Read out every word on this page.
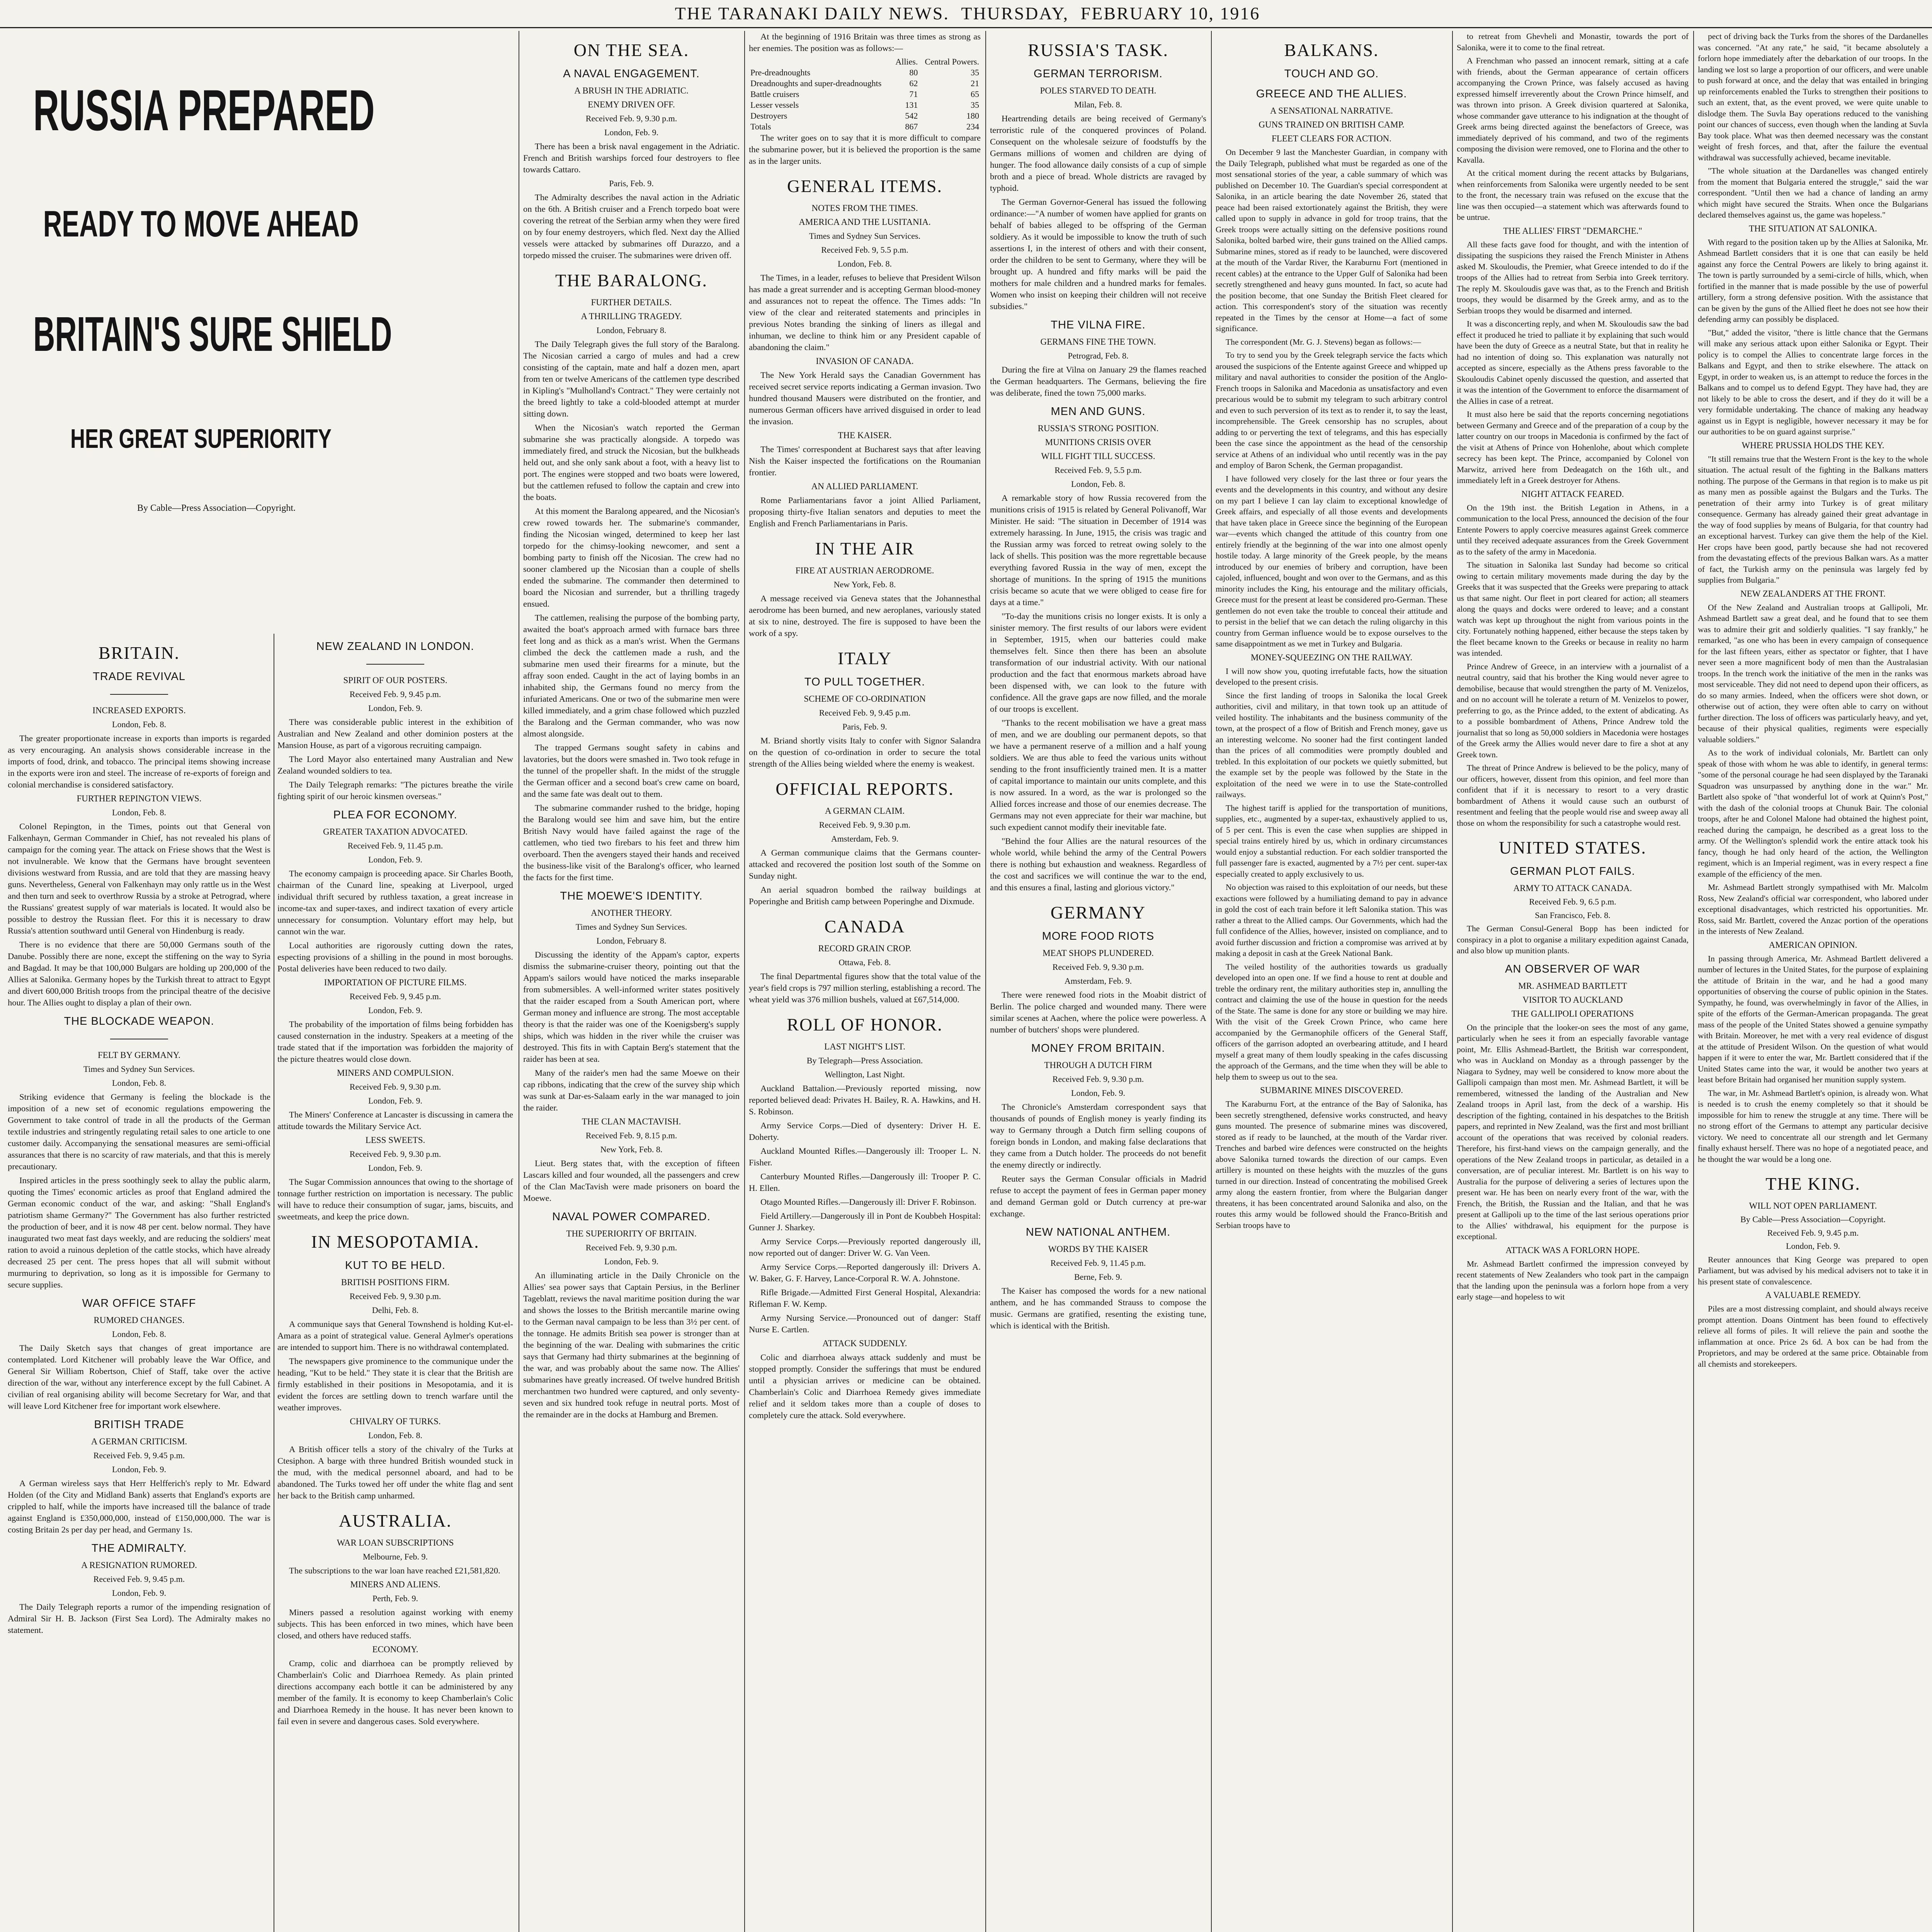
THE TARANAKI DAILY NEWS. THURSDAY, FEBRUARY 10, 1916
RUSSIA PREPARED
READY TO MOVE AHEAD
BRITAIN'S SURE SHIELD
HER GREAT SUPERIORITY
By Cable—Press Association—Copyright.
BRITAIN.
TRADE REVIVAL
INCREASED EXPORTS.
London, Feb. 8.

The greater proportionate increase in exports than imports is regarded as very encouraging. An analysis shows considerable increase in the imports of food, drink, and tobacco. The principal items showing increase in the exports were iron and steel. The increase of re-exports of foreign and colonial merchandise is considered satisfactory.

FURTHER REPINGTON VIEWS.
London, Feb. 8.

Colonel Repington, in the Times, points out that General von Falkenhayn, German Commander in Chief, has not revealed his plans of campaign for the coming year. The attack on Friese shows that the West is not invulnerable. We know that the Germans have brought seventeen divisions westward from Russia, and are told that they are massing heavy guns. Nevertheless, General von Falkenhayn may only rattle us in the West and then turn and seek to overthrow Russia by a stroke at Petrograd, where the Russians' greatest supply of war materials is located. It would also be possible to destroy the Russian fleet. For this it is necessary to draw Russia's attention southward until General von Hindenburg is ready.

There is no evidence that there are 50,000 Germans south of the Danube. Possibly there are none, except the stiffening on the way to Syria and Bagdad. It may be that 100,000 Bulgars are holding up 200,000 of the Allies at Salonika. Germany hopes by the Turkish threat to attract to Egypt and divert 600,000 British troops from the principal theatre of the decisive hour. The Allies ought to display a plan of their own.

THE BLOCKADE WEAPON.
FELT BY GERMANY.
Times and Sydney Sun Services.
London, Feb. 8.

Striking evidence that Germany is feeling the blockade is the imposition of a new set of economic regulations empowering the Government to take control of trade in all the products of the German textile industries and stringently regulating retail sales to one article to one customer daily. Accompanying the sensational measures are semi-official assurances that there is no scarcity of raw materials, and that this is merely precautionary.

Inspired articles in the press soothingly seek to allay the public alarm, quoting the Times' economic articles as proof that England admired the German economic conduct of the war, and asking: "Shall England's patriotism shame Germany?" The Government has also further restricted the production of beer, and it is now 48 per cent. below normal. They have inaugurated two meat fast days weekly, and are reducing the soldiers' meat ration to avoid a ruinous depletion of the cattle stocks, which have already decreased 25 per cent. The press hopes that all will submit without murmuring to deprivation, so long as it is impossible for Germany to secure supplies.

WAR OFFICE STAFF
RUMORED CHANGES.
London, Feb. 8.

The Daily Sketch says that changes of great importance are contemplated. Lord Kitchener will probably leave the War Office, and General Sir William Robertson, Chief of Staff, take over the active direction of the war, without any interference except by the full Cabinet. A civilian of real organising ability will become Secretary for War, and that will leave Lord Kitchener free for important work elsewhere.

BRITISH TRADE
A GERMAN CRITICISM.
Received Feb. 9, 9.45 p.m.
London, Feb. 9.

A German wireless says that Herr Helfferich's reply to Mr. Edward Holden (of the City and Midland Bank) asserts that England's exports are crippled to half, while the imports have increased till the balance of trade against England is £350,000,000, instead of £150,000,000. The war is costing Britain 2s per day per head, and Germany 1s.

THE ADMIRALTY.
A RESIGNATION RUMORED.
Received Feb. 9, 9.45 p.m.
London, Feb. 9.

The Daily Telegraph reports a rumor of the impending resignation of Admiral Sir H. B. Jackson (First Sea Lord). The Admiralty makes no statement.

NEW ZEALAND IN LONDON.
SPIRIT OF OUR POSTERS.
Received Feb. 9, 9.45 p.m.
London, Feb. 9.

There was considerable public interest in the exhibition of Australian and New Zealand and other dominion posters at the Mansion House, as part of a vigorous recruiting campaign.

The Lord Mayor also entertained many Australian and New Zealand wounded soldiers to tea.

The Daily Telegraph remarks: "The pictures breathe the virile fighting spirit of our heroic kinsmen overseas."

PLEA FOR ECONOMY.
GREATER TAXATION ADVOCATED.
Received Feb. 9, 11.45 p.m.
London, Feb. 9.

The economy campaign is proceeding apace. Sir Charles Booth, chairman of the Cunard line, speaking at Liverpool, urged individual thrift secured by ruthless taxation, a great increase in income-tax and super-taxes, and indirect taxation of every article unnecessary for consumption. Voluntary effort may help, but cannot win the war.

Local authorities are rigorously cutting down the rates, especting provisions of a shilling in the pound in most boroughs. Postal deliveries have been reduced to two daily.

IMPORTATION OF PICTURE FILMS.
Received Feb. 9, 9.45 p.m.
London, Feb. 9.

The probability of the importation of films being forbidden has caused consternation in the industry. Speakers at a meeting of the trade stated that if the importation was forbidden the majority of the picture theatres would close down.

MINERS AND COMPULSION.
Received Feb. 9, 9.30 p.m.
London, Feb. 9.

The Miners' Conference at Lancaster is discussing in camera the attitude towards the Military Service Act.

LESS SWEETS.
Received Feb. 9, 9.30 p.m.
London, Feb. 9.

The Sugar Commission announces that owing to the shortage of tonnage further restriction on importation is necessary. The public will have to reduce their consumption of sugar, jams, biscuits, and sweetmeats, and keep the price down.

IN MESOPOTAMIA.
KUT TO BE HELD.
BRITISH POSITIONS FIRM.
Received Feb. 9, 9.30 p.m.
Delhi, Feb. 8.

A communique says that General Townshend is holding Kut-el-Amara as a point of strategical value. General Aylmer's operations are intended to support him. There is no withdrawal contemplated.

The newspapers give prominence to the communique under the heading, "Kut to be held." They state it is clear that the British are firmly established in their positions in Mesopotamia, and it is evident the forces are settling down to trench warfare until the weather improves.

CHIVALRY OF TURKS.
London, Feb. 8.

A British officer tells a story of the chivalry of the Turks at Ctesiphon. A barge with three hundred British wounded stuck in the mud, with the medical personnel aboard, and had to be abandoned. The Turks towed her off under the white flag and sent her back to the British camp unharmed.

AUSTRALIA.
WAR LOAN SUBSCRIPTIONS
Melbourne, Feb. 9.

The subscriptions to the war loan have reached £21,581,820.

MINERS AND ALIENS.
Perth, Feb. 9.

Miners passed a resolution against working with enemy subjects. This has been enforced in two mines, which have been closed, and others have reduced staffs.

ECONOMY.

Cramp, colic and diarrhoea can be promptly relieved by Chamberlain's Colic and Diarrhoea Remedy. As plain printed directions accompany each bottle it can be administered by any member of the family. It is economy to keep Chamberlain's Colic and Diarrhoea Remedy in the house. It has never been known to fail even in severe and dangerous cases. Sold everywhere.

ON THE SEA.
A NAVAL ENGAGEMENT.
A BRUSH IN THE ADRIATIC.
ENEMY DRIVEN OFF.
Received Feb. 9, 9.30 p.m.
London, Feb. 9.

There has been a brisk naval engagement in the Adriatic. French and British warships forced four destroyers to flee towards Cattaro.

Paris, Feb. 9.

The Admiralty describes the naval action in the Adriatic on the 6th. A British cruiser and a French torpedo boat were covering the retreat of the Serbian army when they were fired on by four enemy destroyers, which fled. Next day the Allied vessels were attacked by submarines off Durazzo, and a torpedo missed the cruiser. The submarines were driven off.

THE BARALONG.
FURTHER DETAILS.
A THRILLING TRAGEDY.
London, February 8.

The Daily Telegraph gives the full story of the Baralong. The Nicosian carried a cargo of mules and had a crew consisting of the captain, mate and half a dozen men, apart from ten or twelve Americans of the cattlemen type described in Kipling's "Mulholland's Contract." They were certainly not the breed lightly to take a cold-blooded attempt at murder sitting down.

When the Nicosian's watch reported the German submarine she was practically alongside. A torpedo was immediately fired, and struck the Nicosian, but the bulkheads held out, and she only sank about a foot, with a heavy list to port. The engines were stopped and two boats were lowered, but the cattlemen refused to follow the captain and crew into the boats.

At this moment the Baralong appeared, and the Nicosian's crew rowed towards her. The submarine's commander, finding the Nicosian winged, determined to keep her last torpedo for the chimsy-looking newcomer, and sent a bombing party to finish off the Nicosian. The crew had no sooner clambered up the Nicosian than a couple of shells ended the submarine. The commander then determined to board the Nicosian and surrender, but a thrilling tragedy ensued.

The cattlemen, realising the purpose of the bombing party, awaited the boat's approach armed with furnace bars three feet long and as thick as a man's wrist. When the Germans climbed the deck the cattlemen made a rush, and the submarine men used their firearms for a minute, but the affray soon ended. Caught in the act of laying bombs in an inhabited ship, the Germans found no mercy from the infuriated Americans. One or two of the submarine men were killed immediately, and a grim chase followed which puzzled the Baralong and the German commander, who was now almost alongside.

The trapped Germans sought safety in cabins and lavatories, but the doors were smashed in. Two took refuge in the tunnel of the propeller shaft. In the midst of the struggle the German officer and a second boat's crew came on board, and the same fate was dealt out to them.

The submarine commander rushed to the bridge, hoping the Baralong would see him and save him, but the entire British Navy would have failed against the rage of the cattlemen, who tied two firebars to his feet and threw him overboard. Then the avengers stayed their hands and received the business-like visit of the Baralong's officer, who learned the facts for the first time.

THE MOEWE'S IDENTITY.
ANOTHER THEORY.
Times and Sydney Sun Services.
London, February 8.

Discussing the identity of the Appam's captor, experts dismiss the submarine-cruiser theory, pointing out that the Appam's sailors would have noticed the marks inseparable from submersibles. A well-informed writer states positively that the raider escaped from a South American port, where German money and influence are strong. The most acceptable theory is that the raider was one of the Koenigsberg's supply ships, which was hidden in the river while the cruiser was destroyed. This fits in with Captain Berg's statement that the raider has been at sea.

Many of the raider's men had the same Moewe on their cap ribbons, indicating that the crew of the survey ship which was sunk at Dar-es-Salaam early in the war managed to join the raider.

THE CLAN MACTAVISH.
Received Feb. 9, 8.15 p.m.
New York, Feb. 8.

Lieut. Berg states that, with the exception of fifteen Lascars killed and four wounded, all the passengers and crew of the Clan MacTavish were made prisoners on board the Moewe.

NAVAL POWER COMPARED.
THE SUPERIORITY OF BRITAIN.
Received Feb. 9, 9.30 p.m.
London, Feb. 9.

An illuminating article in the Daily Chronicle on the Allies' sea power says that Captain Persius, in the Berliner Tageblatt, reviews the naval maritime position during the war and shows the losses to the British mercantile marine owing to the German naval campaign to be less than 3½ per cent. of the tonnage. He admits British sea power is stronger than at the beginning of the war. Dealing with submarines the critic says that Germany had thirty submarines at the beginning of the war, and was probably about the same now. The Allies' submarines have greatly increased. Of twelve hundred British merchantmen two hundred were captured, and only seventy-seven and six hundred took refuge in neutral ports. Most of the remainder are in the docks at Hamburg and Bremen.

At the beginning of 1916 Britain was three times as strong as her enemies. The position was as follows:—

	Allies.	Central Powers.
Pre-dreadnoughts	80	35
Dreadnoughts and super-dreadnoughts	62	21
Battle cruisers	71	65
Lesser vessels	131	35
Destroyers	542	180
Totals	867	234

The writer goes on to say that it is more difficult to compare the submarine power, but it is believed the proportion is the same as in the larger units.

GENERAL ITEMS.
NOTES FROM THE TIMES.
AMERICA AND THE LUSITANIA.
Times and Sydney Sun Services.
Received Feb. 9, 5.5 p.m.
London, Feb. 8.

The Times, in a leader, refuses to believe that President Wilson has made a great surrender and is accepting German blood-money and assurances not to repeat the offence. The Times adds: "In view of the clear and reiterated statements and principles in previous Notes branding the sinking of liners as illegal and inhuman, we decline to think him or any President capable of abandoning the claim."

INVASION OF CANADA.

The New York Herald says the Canadian Government has received secret service reports indicating a German invasion. Two hundred thousand Mausers were distributed on the frontier, and numerous German officers have arrived disguised in order to lead the invasion.

THE KAISER.

The Times' correspondent at Bucharest says that after leaving Nish the Kaiser inspected the fortifications on the Roumanian frontier.

AN ALLIED PARLIAMENT.

Rome Parliamentarians favor a joint Allied Parliament, proposing thirty-five Italian senators and deputies to meet the English and French Parliamentarians in Paris.

IN THE AIR
FIRE AT AUSTRIAN AERODROME.
New York, Feb. 8.

A message received via Geneva states that the Johannesthal aerodrome has been burned, and new aeroplanes, variously stated at six to nine, destroyed. The fire is supposed to have been the work of a spy.

ITALY
TO PULL TOGETHER.
SCHEME OF CO-ORDINATION
Received Feb. 9, 9.45 p.m.
Paris, Feb. 9.

M. Briand shortly visits Italy to confer with Signor Salandra on the question of co-ordination in order to secure the total strength of the Allies being wielded where the enemy is weakest.

OFFICIAL REPORTS.
A GERMAN CLAIM.
Received Feb. 9, 9.30 p.m.
Amsterdam, Feb. 9.

A German communique claims that the Germans counter-attacked and recovered the position lost south of the Somme on Sunday night.

An aerial squadron bombed the railway buildings at Poperinghe and British camp between Poperinghe and Dixmude.

CANADA
RECORD GRAIN CROP.
Ottawa, Feb. 8.

The final Departmental figures show that the total value of the year's field crops is 797 million sterling, establishing a record. The wheat yield was 376 million bushels, valued at £67,514,000.

ROLL OF HONOR.
LAST NIGHT'S LIST.
By Telegraph—Press Association.
Wellington, Last Night.

Auckland Battalion.—Previously reported missing, now reported believed dead: Privates H. Bailey, R. A. Hawkins, and H. S. Robinson.

Army Service Corps.—Died of dysentery: Driver H. E. Doherty.

Auckland Mounted Rifles.—Dangerously ill: Trooper L. N. Fisher.

Canterbury Mounted Rifles.—Dangerously ill: Trooper P. C. H. Ellen.

Otago Mounted Rifles.—Dangerously ill: Driver F. Robinson.

Field Artillery.—Dangerously ill in Pont de Koubbeh Hospital: Gunner J. Sharkey.

Army Service Corps.—Previously reported dangerously ill, now reported out of danger: Driver W. G. Van Veen.

Army Service Corps.—Reported dangerously ill: Drivers A. W. Baker, G. F. Harvey, Lance-Corporal R. W. A. Johnstone.

Rifle Brigade.—Admitted First General Hospital, Alexandria: Rifleman F. W. Kemp.

Army Nursing Service.—Pronounced out of danger: Staff Nurse E. Cartlen.

ATTACK SUDDENLY.

Colic and diarrhoea always attack suddenly and must be stopped promptly. Consider the sufferings that must be endured until a physician arrives or medicine can be obtained. Chamberlain's Colic and Diarrhoea Remedy gives immediate relief and it seldom takes more than a couple of doses to completely cure the attack. Sold everywhere.

RUSSIA'S TASK.
GERMAN TERRORISM.
POLES STARVED TO DEATH.
Milan, Feb. 8.

Heartrending details are being received of Germany's terroristic rule of the conquered provinces of Poland. Consequent on the wholesale seizure of foodstuffs by the Germans millions of women and children are dying of hunger. The food allowance daily consists of a cup of simple broth and a piece of bread. Whole districts are ravaged by typhoid.

The German Governor-General has issued the following ordinance:—"A number of women have applied for grants on behalf of babies alleged to be offspring of the German soldiery. As it would be impossible to know the truth of such assertions I, in the interest of others and with their consent, order the children to be sent to Germany, where they will be brought up. A hundred and fifty marks will be paid the mothers for male children and a hundred marks for females. Women who insist on keeping their children will not receive subsidies."

THE VILNA FIRE.
GERMANS FINE THE TOWN.
Petrograd, Feb. 8.

During the fire at Vilna on January 29 the flames reached the German headquarters. The Germans, believing the fire was deliberate, fined the town 75,000 marks.

MEN AND GUNS.
RUSSIA'S STRONG POSITION.
MUNITIONS CRISIS OVER
WILL FIGHT TILL SUCCESS.
Received Feb. 9, 5.5 p.m.
London, Feb. 8.

A remarkable story of how Russia recovered from the munitions crisis of 1915 is related by General Polivanoff, War Minister. He said: "The situation in December of 1914 was extremely harassing. In June, 1915, the crisis was tragic and the Russian army was forced to retreat owing solely to the lack of shells. This position was the more regrettable because everything favored Russia in the way of men, except the shortage of munitions. In the spring of 1915 the munitions crisis became so acute that we were obliged to cease fire for days at a time."

"To-day the munitions crisis no longer exists. It is only a sinister memory. The first results of our labors were evident in September, 1915, when our batteries could make themselves felt. Since then there has been an absolute transformation of our industrial activity. With our national production and the fact that enormous markets abroad have been dispensed with, we can look to the future with confidence. All the grave gaps are now filled, and the morale of our troops is excellent.

"Thanks to the recent mobilisation we have a great mass of men, and we are doubling our permanent depots, so that we have a permanent reserve of a million and a half young soldiers. We are thus able to feed the various units without sending to the front insufficiently trained men. It is a matter of capital importance to maintain our units complete, and this is now assured. In a word, as the war is prolonged so the Allied forces increase and those of our enemies decrease. The Germans may not even appreciate for their war machine, but such expedient cannot modify their inevitable fate.

"Behind the four Allies are the natural resources of the whole world, while behind the army of the Central Powers there is nothing but exhaustion and weakness. Regardless of the cost and sacrifices we will continue the war to the end, and this ensures a final, lasting and glorious victory."

GERMANY
MORE FOOD RIOTS
MEAT SHOPS PLUNDERED.
Received Feb. 9, 9.30 p.m.
Amsterdam, Feb. 9.

There were renewed food riots in the Moabit district of Berlin. The police charged and wounded many. There were similar scenes at Aachen, where the police were powerless. A number of butchers' shops were plundered.

MONEY FROM BRITAIN.
THROUGH A DUTCH FIRM
Received Feb. 9, 9.30 p.m.
London, Feb. 9.

The Chronicle's Amsterdam correspondent says that thousands of pounds of English money is yearly finding its way to Germany through a Dutch firm selling coupons of foreign bonds in London, and making false declarations that they came from a Dutch holder. The proceeds do not benefit the enemy directly or indirectly.

Reuter says the German Consular officials in Madrid refuse to accept the payment of fees in German paper money and demand German gold or Dutch currency at pre-war exchange.

NEW NATIONAL ANTHEM.
WORDS BY THE KAISER
Received Feb. 9, 11.45 p.m.
Berne, Feb. 9.

The Kaiser has composed the words for a new national anthem, and he has commanded Strauss to compose the music. Germans are gratified, resenting the existing tune, which is identical with the British.

BALKANS.
TOUCH AND GO.
GREECE AND THE ALLIES.
A SENSATIONAL NARRATIVE.
GUNS TRAINED ON BRITISH CAMP.
FLEET CLEARS FOR ACTION.

On December 9 last the Manchester Guardian, in company with the Daily Telegraph, published what must be regarded as one of the most sensational stories of the year, a cable summary of which was published on December 10. The Guardian's special correspondent at Salonika, in an article bearing the date November 26, stated that peace had been raised extortionately against the British, they were called upon to supply in advance in gold for troop trains, that the Greek troops were actually sitting on the defensive positions round Salonika, bolted barbed wire, their guns trained on the Allied camps. Submarine mines, stored as if ready to be launched, were discovered at the mouth of the Vardar River, the Karaburnu Fort (mentioned in recent cables) at the entrance to the Upper Gulf of Salonika had been secretly strengthened and heavy guns mounted. In fact, so acute had the position become, that one Sunday the British Fleet cleared for action. This correspondent's story of the situation was recently repeated in the Times by the censor at Home—a fact of some significance.

The correspondent (Mr. G. J. Stevens) began as follows:—

To try to send you by the Greek telegraph service the facts which aroused the suspicions of the Entente against Greece and whipped up military and naval authorities to consider the position of the Anglo-French troops in Salonika and Macedonia as unsatisfactory and even precarious would be to submit my telegram to such arbitrary control and even to such perversion of its text as to render it, to say the least, incomprehensible. The Greek censorship has no scruples, about adding to or perverting the text of telegrams, and this has especially been the case since the appointment as the head of the censorship service at Athens of an individual who until recently was in the pay and employ of Baron Schenk, the German propagandist.

I have followed very closely for the last three or four years the events and the developments in this country, and without any desire on my part I believe I can lay claim to exceptional knowledge of Greek affairs, and especially of all those events and developments that have taken place in Greece since the beginning of the European war—events which changed the attitude of this country from one entirely friendly at the beginning of the war into one almost openly hostile today. A large minority of the Greek people, by the means introduced by our enemies of bribery and corruption, have been cajoled, influenced, bought and won over to the Germans, and as this minority includes the King, his entourage and the military officials, Greece must for the present at least be considered pro-German. These gentlemen do not even take the trouble to conceal their attitude and to persist in the belief that we can detach the ruling oligarchy in this country from German influence would be to expose ourselves to the same disappointment as we met in Turkey and Bulgaria.

MONEY-SQUEEZING ON THE RAILWAY.

I will now show you, quoting irrefutable facts, how the situation developed to the present crisis.

Since the first landing of troops in Salonika the local Greek authorities, civil and military, in that town took up an attitude of veiled hostility. The inhabitants and the business community of the town, at the prospect of a flow of British and French money, gave us an interesting welcome. No sooner had the first contingent landed than the prices of all commodities were promptly doubled and trebled. In this exploitation of our pockets we quietly submitted, but the example set by the people was followed by the State in the exploitation of the need we were in to use the State-controlled railways.

The highest tariff is applied for the transportation of munitions, supplies, etc., augmented by a super-tax, exhaustively applied to us, of 5 per cent. This is even the case when supplies are shipped in special trains entirely hired by us, which in ordinary circumstances would enjoy a substantial reduction. For each soldier transported the full passenger fare is exacted, augmented by a 7½ per cent. super-tax especially created to apply exclusively to us.

No objection was raised to this exploitation of our needs, but these exactions were followed by a humiliating demand to pay in advance in gold the cost of each train before it left Salonika station. This was rather a threat to the Allied camps. Our Governments, which had the full confidence of the Allies, however, insisted on compliance, and to avoid further discussion and friction a compromise was arrived at by making a deposit in cash at the Greek National Bank.

The veiled hostility of the authorities towards us gradually developed into an open one. If we find a house to rent at double and treble the ordinary rent, the military authorities step in, annulling the contract and claiming the use of the house in question for the needs of the State. The same is done for any store or building we may hire. With the visit of the Greek Crown Prince, who came here accompanied by the Germanophile officers of the General Staff, officers of the garrison adopted an overbearing attitude, and I heard myself a great many of them loudly speaking in the cafes discussing the approach of the Germans, and the time when they will be able to help them to sweep us out to the sea.

SUBMARINE MINES DISCOVERED.

The Karaburnu Fort, at the entrance of the Bay of Salonika, has been secretly strengthened, defensive works constructed, and heavy guns mounted. The presence of submarine mines was discovered, stored as if ready to be launched, at the mouth of the Vardar river. Trenches and barbed wire defences were constructed on the heights above Salonika turned towards the direction of our camps. Even artillery is mounted on these heights with the muzzles of the guns turned in our direction. Instead of concentrating the mobilised Greek army along the eastern frontier, from where the Bulgarian danger threatens, it has been concentrated around Salonika and also, on the routes this army would be followed should the Franco-British and Serbian troops have to

to retreat from Ghevheli and Monastir, towards the port of Salonika, were it to come to the final retreat.

A Frenchman who passed an innocent remark, sitting at a cafe with friends, about the German appearance of certain officers accompanying the Crown Prince, was falsely accused as having expressed himself irreverently about the Crown Prince himself, and was thrown into prison. A Greek division quartered at Salonika, whose commander gave utterance to his indignation at the thought of Greek arms being directed against the benefactors of Greece, was immediately deprived of his command, and two of the regiments composing the division were removed, one to Florina and the other to Kavalla.

At the critical moment during the recent attacks by Bulgarians, when reinforcements from Salonika were urgently needed to be sent to the front, the necessary train was refused on the excuse that the line was then occupied—a statement which was afterwards found to be untrue.

THE ALLIES' FIRST "DEMARCHE."

All these facts gave food for thought, and with the intention of dissipating the suspicions they raised the French Minister in Athens asked M. Skouloudis, the Premier, what Greece intended to do if the troops of the Allies had to retreat from Serbia into Greek territory. The reply M. Skouloudis gave was that, as to the French and British troops, they would be disarmed by the Greek army, and as to the Serbian troops they would be disarmed and interned.

It was a disconcerting reply, and when M. Skouloudis saw the bad effect it produced he tried to palliate it by explaining that such would have been the duty of Greece as a neutral State, but that in reality he had no intention of doing so. This explanation was naturally not accepted as sincere, especially as the Athens press favorable to the Skouloudis Cabinet openly discussed the question, and asserted that it was the intention of the Government to enforce the disarmament of the Allies in case of a retreat.

It must also here be said that the reports concerning negotiations between Germany and Greece and of the preparation of a coup by the latter country on our troops in Macedonia is confirmed by the fact of the visit at Athens of Prince von Hohenlohe, about which complete secrecy has been kept. The Prince, accompanied by Colonel von Marwitz, arrived here from Dedeagatch on the 16th ult., and immediately left in a Greek destroyer for Athens.

NIGHT ATTACK FEARED.

On the 19th inst. the British Legation in Athens, in a communication to the local Press, announced the decision of the four Entente Powers to apply coercive measures against Greek commerce until they received adequate assurances from the Greek Government as to the safety of the army in Macedonia.

The situation in Salonika last Sunday had become so critical owing to certain military movements made during the day by the Greeks that it was suspected that the Greeks were preparing to attack us that same night. Our fleet in port cleared for action; all steamers along the quays and docks were ordered to leave; and a constant watch was kept up throughout the night from various points in the city. Fortunately nothing happened, either because the steps taken by the fleet became known to the Greeks or because in reality no harm was intended.

Prince Andrew of Greece, in an interview with a journalist of a neutral country, said that his brother the King would never agree to demobilise, because that would strengthen the party of M. Venizelos, and on no account will he tolerate a return of M. Venizelos to power, preferring to go, as the Prince added, to the extent of abdicating. As to a possible bombardment of Athens, Prince Andrew told the journalist that so long as 50,000 soldiers in Macedonia were hostages of the Greek army the Allies would never dare to fire a shot at any Greek town.

The threat of Prince Andrew is believed to be the policy, many of our officers, however, dissent from this opinion, and feel more than confident that if it is necessary to resort to a very drastic bombardment of Athens it would cause such an outburst of resentment and feeling that the people would rise and sweep away all those on whom the responsibility for such a catastrophe would rest.

UNITED STATES.
GERMAN PLOT FAILS.
ARMY TO ATTACK CANADA.
Received Feb. 9, 6.5 p.m.
San Francisco, Feb. 8.

The German Consul-General Bopp has been indicted for conspiracy in a plot to organise a military expedition against Canada, and also blow up munition plants.

AN OBSERVER OF WAR
MR. ASHMEAD BARTLETT
VISITOR TO AUCKLAND
THE GALLIPOLI OPERATIONS

On the principle that the looker-on sees the most of any game, particularly when he sees it from an especially favorable vantage point, Mr. Ellis Ashmead-Bartlett, the British war correspondent, who was in Auckland on Monday as a through passenger by the Niagara to Sydney, may well be considered to know more about the Gallipoli campaign than most men. Mr. Ashmead Bartlett, it will be remembered, witnessed the landing of the Australian and New Zealand troops in April last, from the deck of a warship. His description of the fighting, contained in his despatches to the British papers, and reprinted in New Zealand, was the first and most brilliant account of the operations that was received by colonial readers. Therefore, his first-hand views on the campaign generally, and the operations of the New Zealand troops in particular, as detailed in a conversation, are of peculiar interest. Mr. Bartlett is on his way to Australia for the purpose of delivering a series of lectures upon the present war. He has been on nearly every front of the war, with the French, the British, the Russian and the Italian, and that he was present at Gallipoli up to the time of the last serious operations prior to the Allies' withdrawal, his equipment for the purpose is exceptional.

ATTACK WAS A FORLORN HOPE.

Mr. Ashmead Bartlett confirmed the impression conveyed by recent statements of New Zealanders who took part in the campaign that the landing upon the peninsula was a forlorn hope from a very early stage—and hopeless to wit

pect of driving back the Turks from the shores of the Dardanelles was concerned. "At any rate," he said, "it became absolutely a forlorn hope immediately after the debarkation of our troops. In the landing we lost so large a proportion of our officers, and were unable to push forward at once, and the delay that was entailed in bringing up reinforcements enabled the Turks to strengthen their positions to such an extent, that, as the event proved, we were quite unable to dislodge them. The Suvla Bay operations reduced to the vanishing point our chances of success, even though when the landing at Suvla Bay took place. What was then deemed necessary was the constant weight of fresh forces, and that, after the failure the eventual withdrawal was successfully achieved, became inevitable.

"The whole situation at the Dardanelles was changed entirely from the moment that Bulgaria entered the struggle," said the war correspondent. "Until then we had a chance of landing an army which might have secured the Straits. When once the Bulgarians declared themselves against us, the game was hopeless."

THE SITUATION AT SALONIKA.

With regard to the position taken up by the Allies at Salonika, Mr. Ashmead Bartlett considers that it is one that can easily be held against any force the Central Powers are likely to bring against it. The town is partly surrounded by a semi-circle of hills, which, when fortified in the manner that is made possible by the use of powerful artillery, form a strong defensive position. With the assistance that can be given by the guns of the Allied fleet he does not see how their defending army can possibly be displaced.

"But," added the visitor, "there is little chance that the Germans will make any serious attack upon either Salonika or Egypt. Their policy is to compel the Allies to concentrate large forces in the Balkans and Egypt, and then to strike elsewhere. The attack on Egypt, in order to weaken us, is an attempt to reduce the forces in the Balkans and to compel us to defend Egypt. They have had, they are not likely to be able to cross the desert, and if they do it will be a very formidable undertaking. The chance of making any headway against us in Egypt is negligible, however necessary it may be for our authorities to be on guard against surprise."

WHERE PRUSSIA HOLDS THE KEY.

"It still remains true that the Western Front is the key to the whole situation. The actual result of the fighting in the Balkans matters nothing. The purpose of the Germans in that region is to make us pit as many men as possible against the Bulgars and the Turks. The penetration of their army into Turkey is of great military consequence. Germany has already gained their great advantage in the way of food supplies by means of Bulgaria, for that country had an exceptional harvest. Turkey can give them the help of the Kiel. Her crops have been good, partly because she had not recovered from the devastating effects of the previous Balkan wars. As a matter of fact, the Turkish army on the peninsula was largely fed by supplies from Bulgaria."

NEW ZEALANDERS AT THE FRONT.

Of the New Zealand and Australian troops at Gallipoli, Mr. Ashmead Bartlett saw a great deal, and he found that to see them was to admire their grit and soldierly qualities. "I say frankly," he remarked, "as one who has been in every campaign of consequence for the last fifteen years, either as spectator or fighter, that I have never seen a more magnificent body of men than the Australasian troops. In the trench work the initiative of the men in the ranks was most serviceable. They did not need to depend upon their officers, as do so many armies. Indeed, when the officers were shot down, or otherwise out of action, they were often able to carry on without further direction. The loss of officers was particularly heavy, and yet, because of their physical qualities, regiments were especially valuable soldiers."

As to the work of individual colonials, Mr. Bartlett can only speak of those with whom he was able to identify, in general terms: "some of the personal courage he had seen displayed by the Taranaki Squadron was unsurpassed by anything done in the war." Mr. Bartlett also spoke of "that wonderful lot of work at Quinn's Post," with the dash of the colonial troops at Chunuk Bair. The colonial troops, after he and Colonel Malone had obtained the highest point, reached during the campaign, he described as a great loss to the army. Of the Wellington's splendid work the entire attack took his fancy, though he had only heard of the action, the Wellington regiment, which is an Imperial regiment, was in every respect a fine example of the efficiency of the men.

Mr. Ashmead Bartlett strongly sympathised with Mr. Malcolm Ross, New Zealand's official war correspondent, who labored under exceptional disadvantages, which restricted his opportunities. Mr. Ross, said Mr. Bartlett, covered the Anzac portion of the operations in the interests of New Zealand.

AMERICAN OPINION.

In passing through America, Mr. Ashmead Bartlett delivered a number of lectures in the United States, for the purpose of explaining the attitude of Britain in the war, and he had a good many opportunities of observing the course of public opinion in the States. Sympathy, he found, was overwhelmingly in favor of the Allies, in spite of the efforts of the German-American propaganda. The great mass of the people of the United States showed a genuine sympathy with Britain. Moreover, he met with a very real evidence of disgust at the attitude of President Wilson. On the question of what would happen if it were to enter the war, Mr. Bartlett considered that if the United States came into the war, it would be another two years at least before Britain had organised her munition supply system.

The war, in Mr. Ashmead Bartlett's opinion, is already won. What is needed is to crush the enemy completely so that it should be impossible for him to renew the struggle at any time. There will be no strong effort of the Germans to attempt any particular decisive victory. We need to concentrate all our strength and let Germany finally exhaust herself. There was no hope of a negotiated peace, and he thought the war would be a long one.

THE KING.
WILL NOT OPEN PARLIAMENT.
By Cable—Press Association—Copyright.
Received Feb. 9, 9.45 p.m.
London, Feb. 9.

Reuter announces that King George was prepared to open Parliament, but was advised by his medical advisers not to take it in his present state of convalescence.

A VALUABLE REMEDY.

Piles are a most distressing complaint, and should always receive prompt attention. Doans Ointment has been found to effectively relieve all forms of piles. It will relieve the pain and soothe the inflammation at once. Price 2s 6d. A box can be had from the Proprietors, and may be ordered at the same price. Obtainable from all chemists and storekeepers.
